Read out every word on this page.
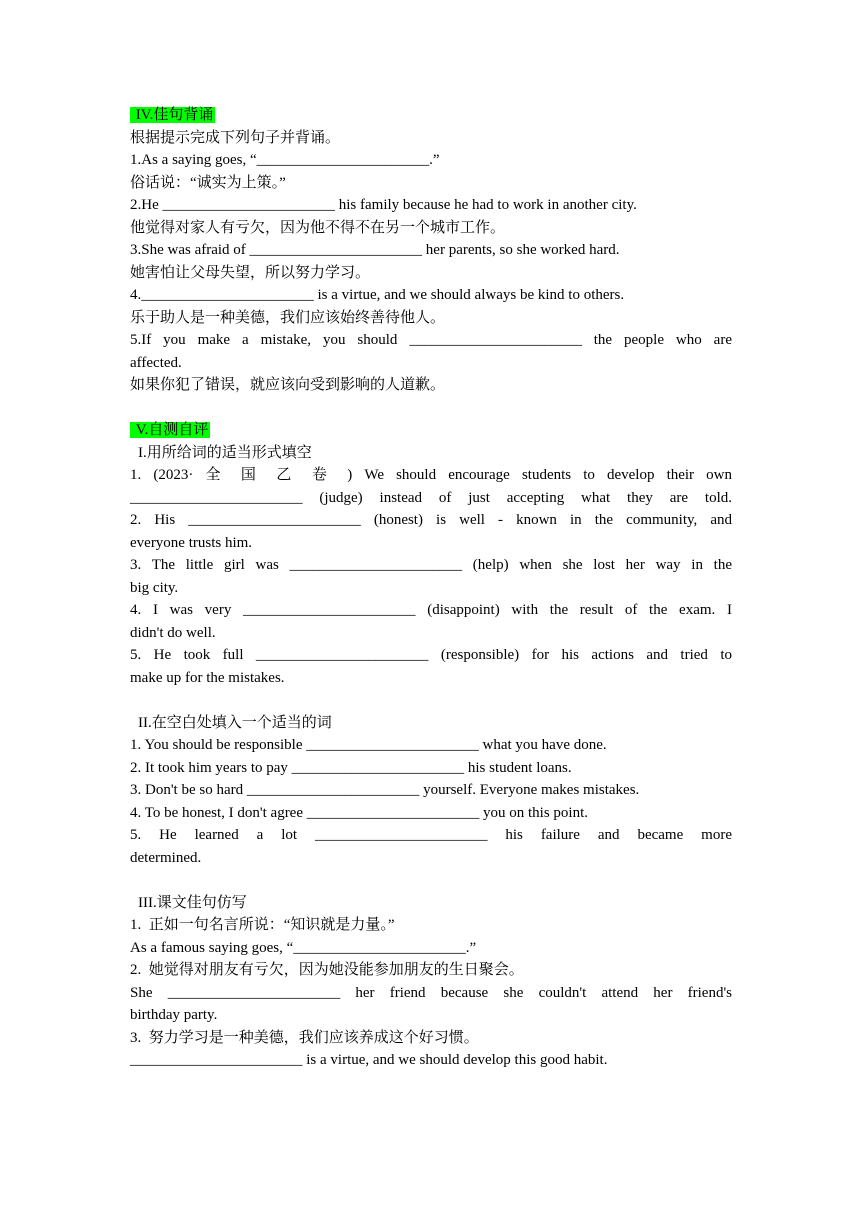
IV.佳句背诵
根据提示完成下列句子并背诵。
1.As a saying goes, “_______________________.”
俗话说：“诚实为上策。”
2.He _______________________ his family because he had to work in another city.
他觉得对家人有亏欠，因为他不得不在另一个城市工作。
3.She was afraid of _______________________ her parents, so she worked hard.
她害怕让父母失望，所以努力学习。
4._______________________ is a virtue, and we should always be kind to others.
乐于助人是一种美德，我们应该始终善待他人。
5.If you make a mistake, you should _______________________ the people who are
affected.
如果你犯了错误，就应该向受到影响的人道歉。
V.自测自评
I.用所给词的适当形式填空
1. (2023· 全 国 乙 卷 ) We should encourage students to develop their own
_______________________ (judge) instead of just accepting what they are told.
2. His _______________________ (honest) is well - known in the community, and
everyone trusts him.
3. The little girl was _______________________ (help) when she lost her way in the
big city.
4. I was very _______________________ (disappoint) with the result of the exam. I
didn't do well.
5. He took full _______________________ (responsible) for his actions and tried to
make up for the mistakes.
II.在空白处填入一个适当的词
1. You should be responsible _______________________ what you have done.
2. It took him years to pay _______________________ his student loans.
3. Don't be so hard _______________________ yourself. Everyone makes mistakes.
4. To be honest, I don't agree _______________________ you on this point.
5. He learned a lot _______________________ his failure and became more
determined.
III.课文佳句仿写
1.  正如一句名言所说：“知识就是力量。”
As a famous saying goes, “_______________________.”
2.  她觉得对朋友有亏欠，因为她没能参加朋友的生日聚会。
She _______________________ her friend because she couldn't attend her friend's
birthday party.
3.  努力学习是一种美德，我们应该养成这个好习惯。
_______________________ is a virtue, and we should develop this good habit.
